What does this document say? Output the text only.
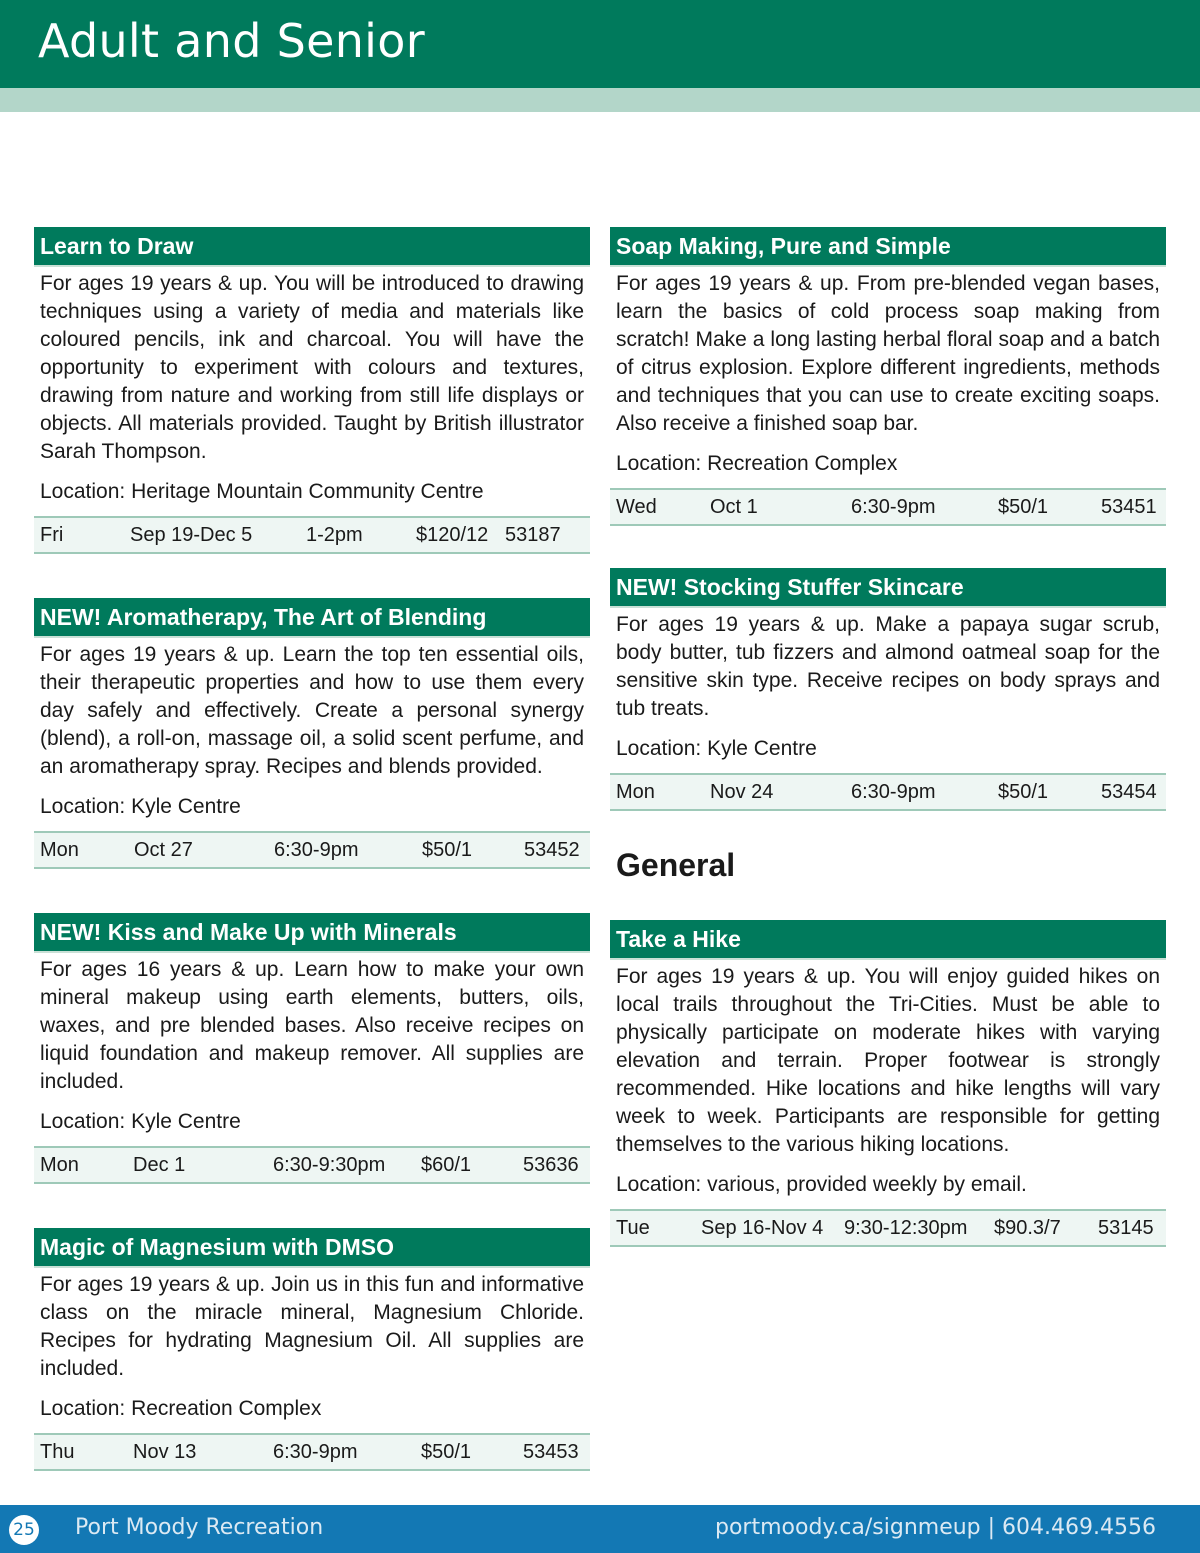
Adult and Senior
Learn to Draw

For ages 19 years & up. You will be introduced to drawing techniques using a variety of media and materials like coloured pencils, ink and charcoal. You will have the opportunity to experiment with colours and textures, drawing from nature and working from still life displays or objects. All materials provided. Taught by British illustrator Sarah Thompson.

Location: Heritage Mountain Community Centre

Fri	Sep 19-Dec 5	1-2pm	$120/12 53187
NEW! Aromatherapy, The Art of Blending

For ages 19 years & up. Learn the top ten essential oils, their therapeutic properties and how to use them every day safely and effectively. Create a personal synergy (blend), a roll-on, massage oil, a solid scent perfume, and an aromatherapy spray. Recipes and blends provided.

Location: Kyle Centre

Mon	Oct 27	6:30-9pm	$50/1	53452
NEW! Kiss and Make Up with Minerals

For ages 16 years & up. Learn how to make your own mineral makeup using earth elements, butters, oils, waxes, and pre blended bases. Also receive recipes on liquid foundation and makeup remover. All supplies are included.

Location: Kyle Centre

Mon	Dec 1	6:30-9:30pm $60/1	53636
Magic of Magnesium with DMSO

For ages 19 years & up. Join us in this fun and informative class on the miracle mineral, Magnesium Chloride. Recipes for hydrating Magnesium Oil. All supplies are included.

Location: Recreation Complex

Thu	Nov 13	6:30-9pm	$50/1	53453
Soap Making, Pure and Simple

For ages 19 years & up. From pre-blended vegan bases, learn the basics of cold process soap making from scratch! Make a long lasting herbal floral soap and a batch of citrus explosion. Explore different ingredients, methods and techniques that you can use to create exciting soaps. Also receive a finished soap bar.

Location: Recreation Complex

Wed	Oct 1	6:30-9pm	$50/1	53451
NEW! Stocking Stuffer Skincare

For ages 19 years & up. Make a papaya sugar scrub, body butter, tub fizzers and almond oatmeal soap for the sensitive skin type. Receive recipes on body sprays and tub treats.

Location: Kyle Centre

Mon	Nov 24	6:30-9pm	$50/1	53454
General
Take a Hike

For ages 19 years & up. You will enjoy guided hikes on local trails throughout the Tri-Cities. Must be able to physically participate on moderate hikes with varying elevation and terrain. Proper footwear is strongly recommended. Hike locations and hike lengths will vary week to week. Participants are responsible for getting themselves to the various hiking locations.

Location: various, provided weekly by email.

Tue	Sep 16-Nov 4 9:30-12:30pm $90.3/7 53145
25 Port Moody Recreation	portmoody.ca/signmeup | 604.469.4556
